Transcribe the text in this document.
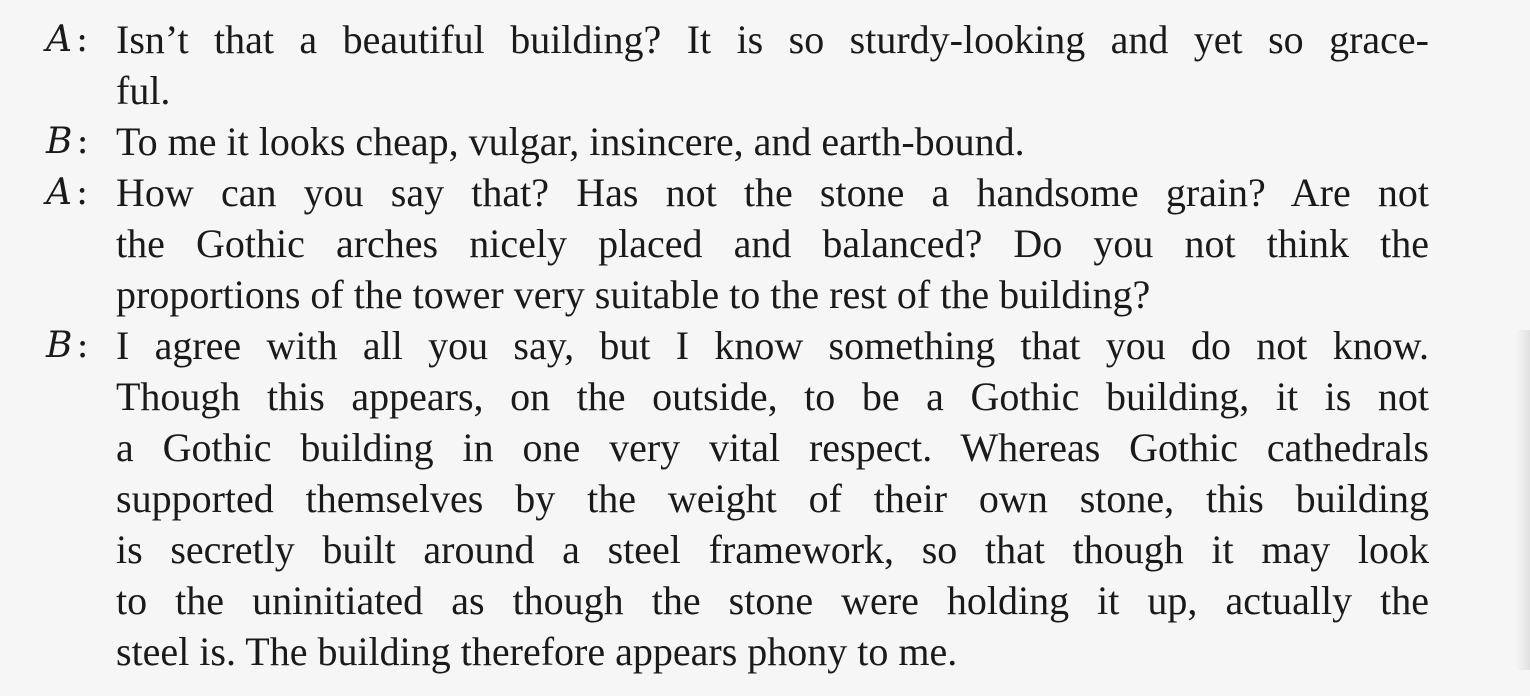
A : Isn’t that a beautiful building? It is so sturdy-looking and yet so grace-
ful.
B : To me it looks cheap, vulgar, insincere, and earth-bound.
A : How can you say that? Has not the stone a handsome grain? Are not
the Gothic arches nicely placed and balanced? Do you not think the
proportions of the tower very suitable to the rest of the building?
B : I agree with all you say, but I know something that you do not know.
Though this appears, on the outside, to be a Gothic building, it is not
a Gothic building in one very vital respect. Whereas Gothic cathedrals
supported themselves by the weight of their own stone, this building
is secretly built around a steel framework, so that though it may look
to the uninitiated as though the stone were holding it up, actually the
steel is. The building therefore appears phony to me.
